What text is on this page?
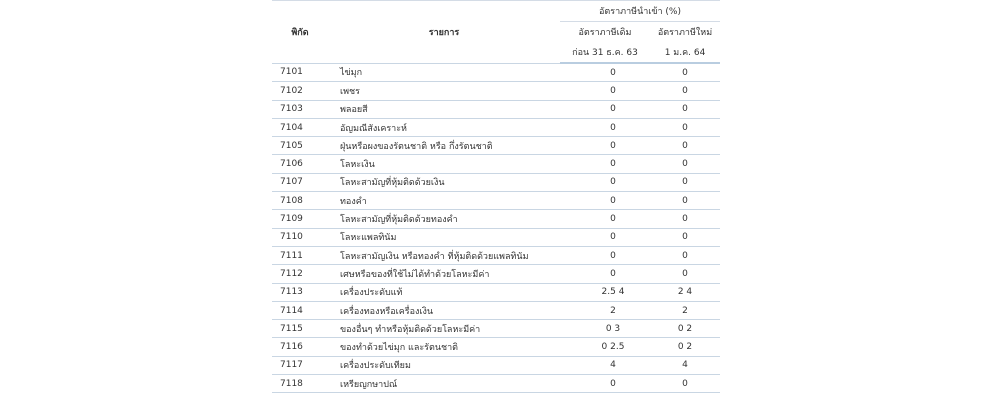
พิกัด	รายการ	อัตราภาษีนำเข้า (%)	
		อัตราภาษีเดิม	อัตราภาษีใหม่
		ก่อน 31 ธ.ค. 63	1 ม.ค. 64
7101	ไข่มุก	0	0
7102	เพชร	0	0
7103	พลอยสี	0	0
7104	อัญมณีสังเคราะห์	0	0
7105	ฝุ่นหรือผงของรัตนชาติ หรือ กึ่งรัตนชาติ	0	0
7106	โลหะเงิน	0	0
7107	โลหะสามัญที่หุ้มติดด้วยเงิน	0	0
7108	ทองคำ	0	0
7109	โลหะสามัญที่หุ้มติดด้วยทองคำ	0	0
7110	โลหะแพลทินัม	0	0
7111	โลหะสามัญเงิน หรือทองคำ ที่หุ้มติดด้วยแพลทินัม	0	0
7112	เศษหรือของที่ใช้ไม่ได้ทำด้วยโลหะมีค่า	0	0
7113	เครื่องประดับแท้	2.5 4	2 4
7114	เครื่องทองหรือเครื่องเงิน	2	2
7115	ของอื่นๆ ทำหรือหุ้มติดด้วยโลหะมีค่า	0 3	0 2
7116	ของทำด้วยไข่มุก และรัตนชาติ	0 2.5	0 2
7117	เครื่องประดับเทียม	4	4
7118	เหรียญกษาปณ์	0	0
